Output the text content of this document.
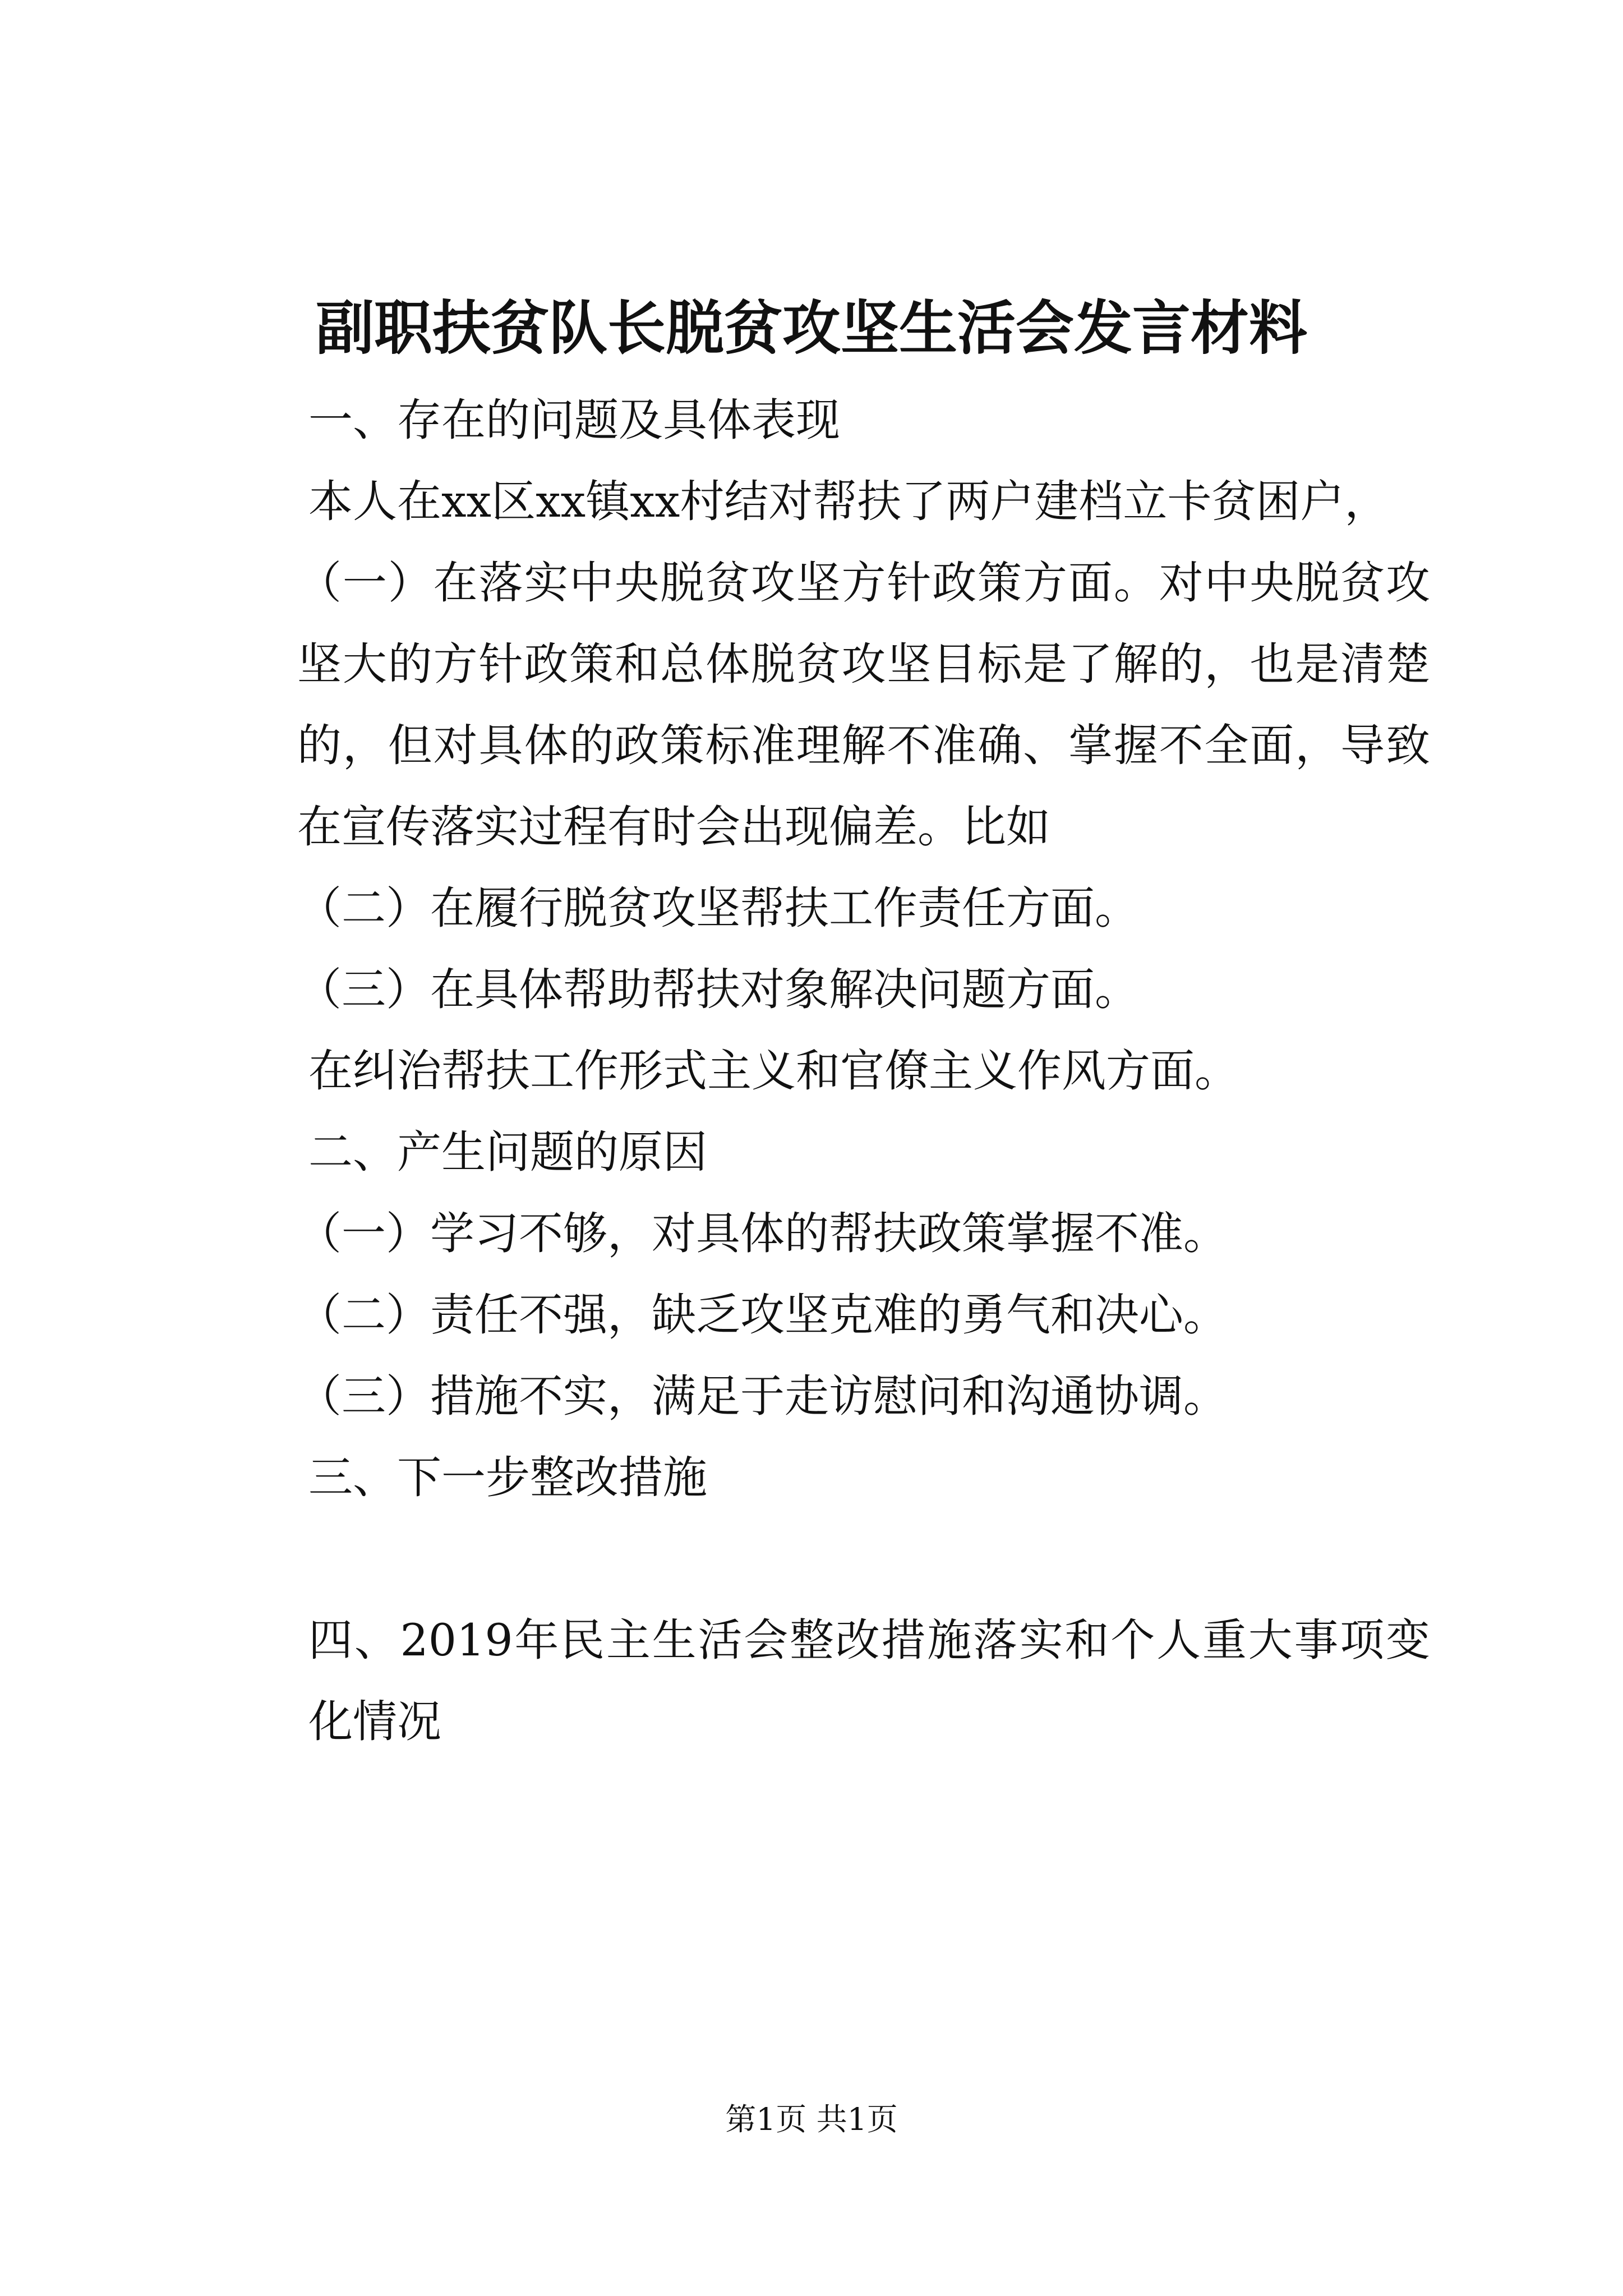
副职扶贫队长脱贫攻坚生活会发言材料

一、存在的问题及具体表现

本人在xx区xx镇xx村结对帮扶了两户建档立卡贫困户，

（一）在落实中央脱贫攻坚方针政策方面。对中央脱贫攻坚大的方针政策和总体脱贫攻坚目标是了解的，也是清楚的，但对具体的政策标准理解不准确、掌握不全面，导致在宣传落实过程有时会出现偏差。比如

（二）在履行脱贫攻坚帮扶工作责任方面。

（三）在具体帮助帮扶对象解决问题方面。

在纠治帮扶工作形式主义和官僚主义作风方面。

二、产生问题的原因

（一）学习不够，对具体的帮扶政策掌握不准。

（二）责任不强，缺乏攻坚克难的勇气和决心。

（三）措施不实，满足于走访慰问和沟通协调。

三、下一步整改措施

四、2019年民主生活会整改措施落实和个人重大事项变化情况

第1页 共1页
